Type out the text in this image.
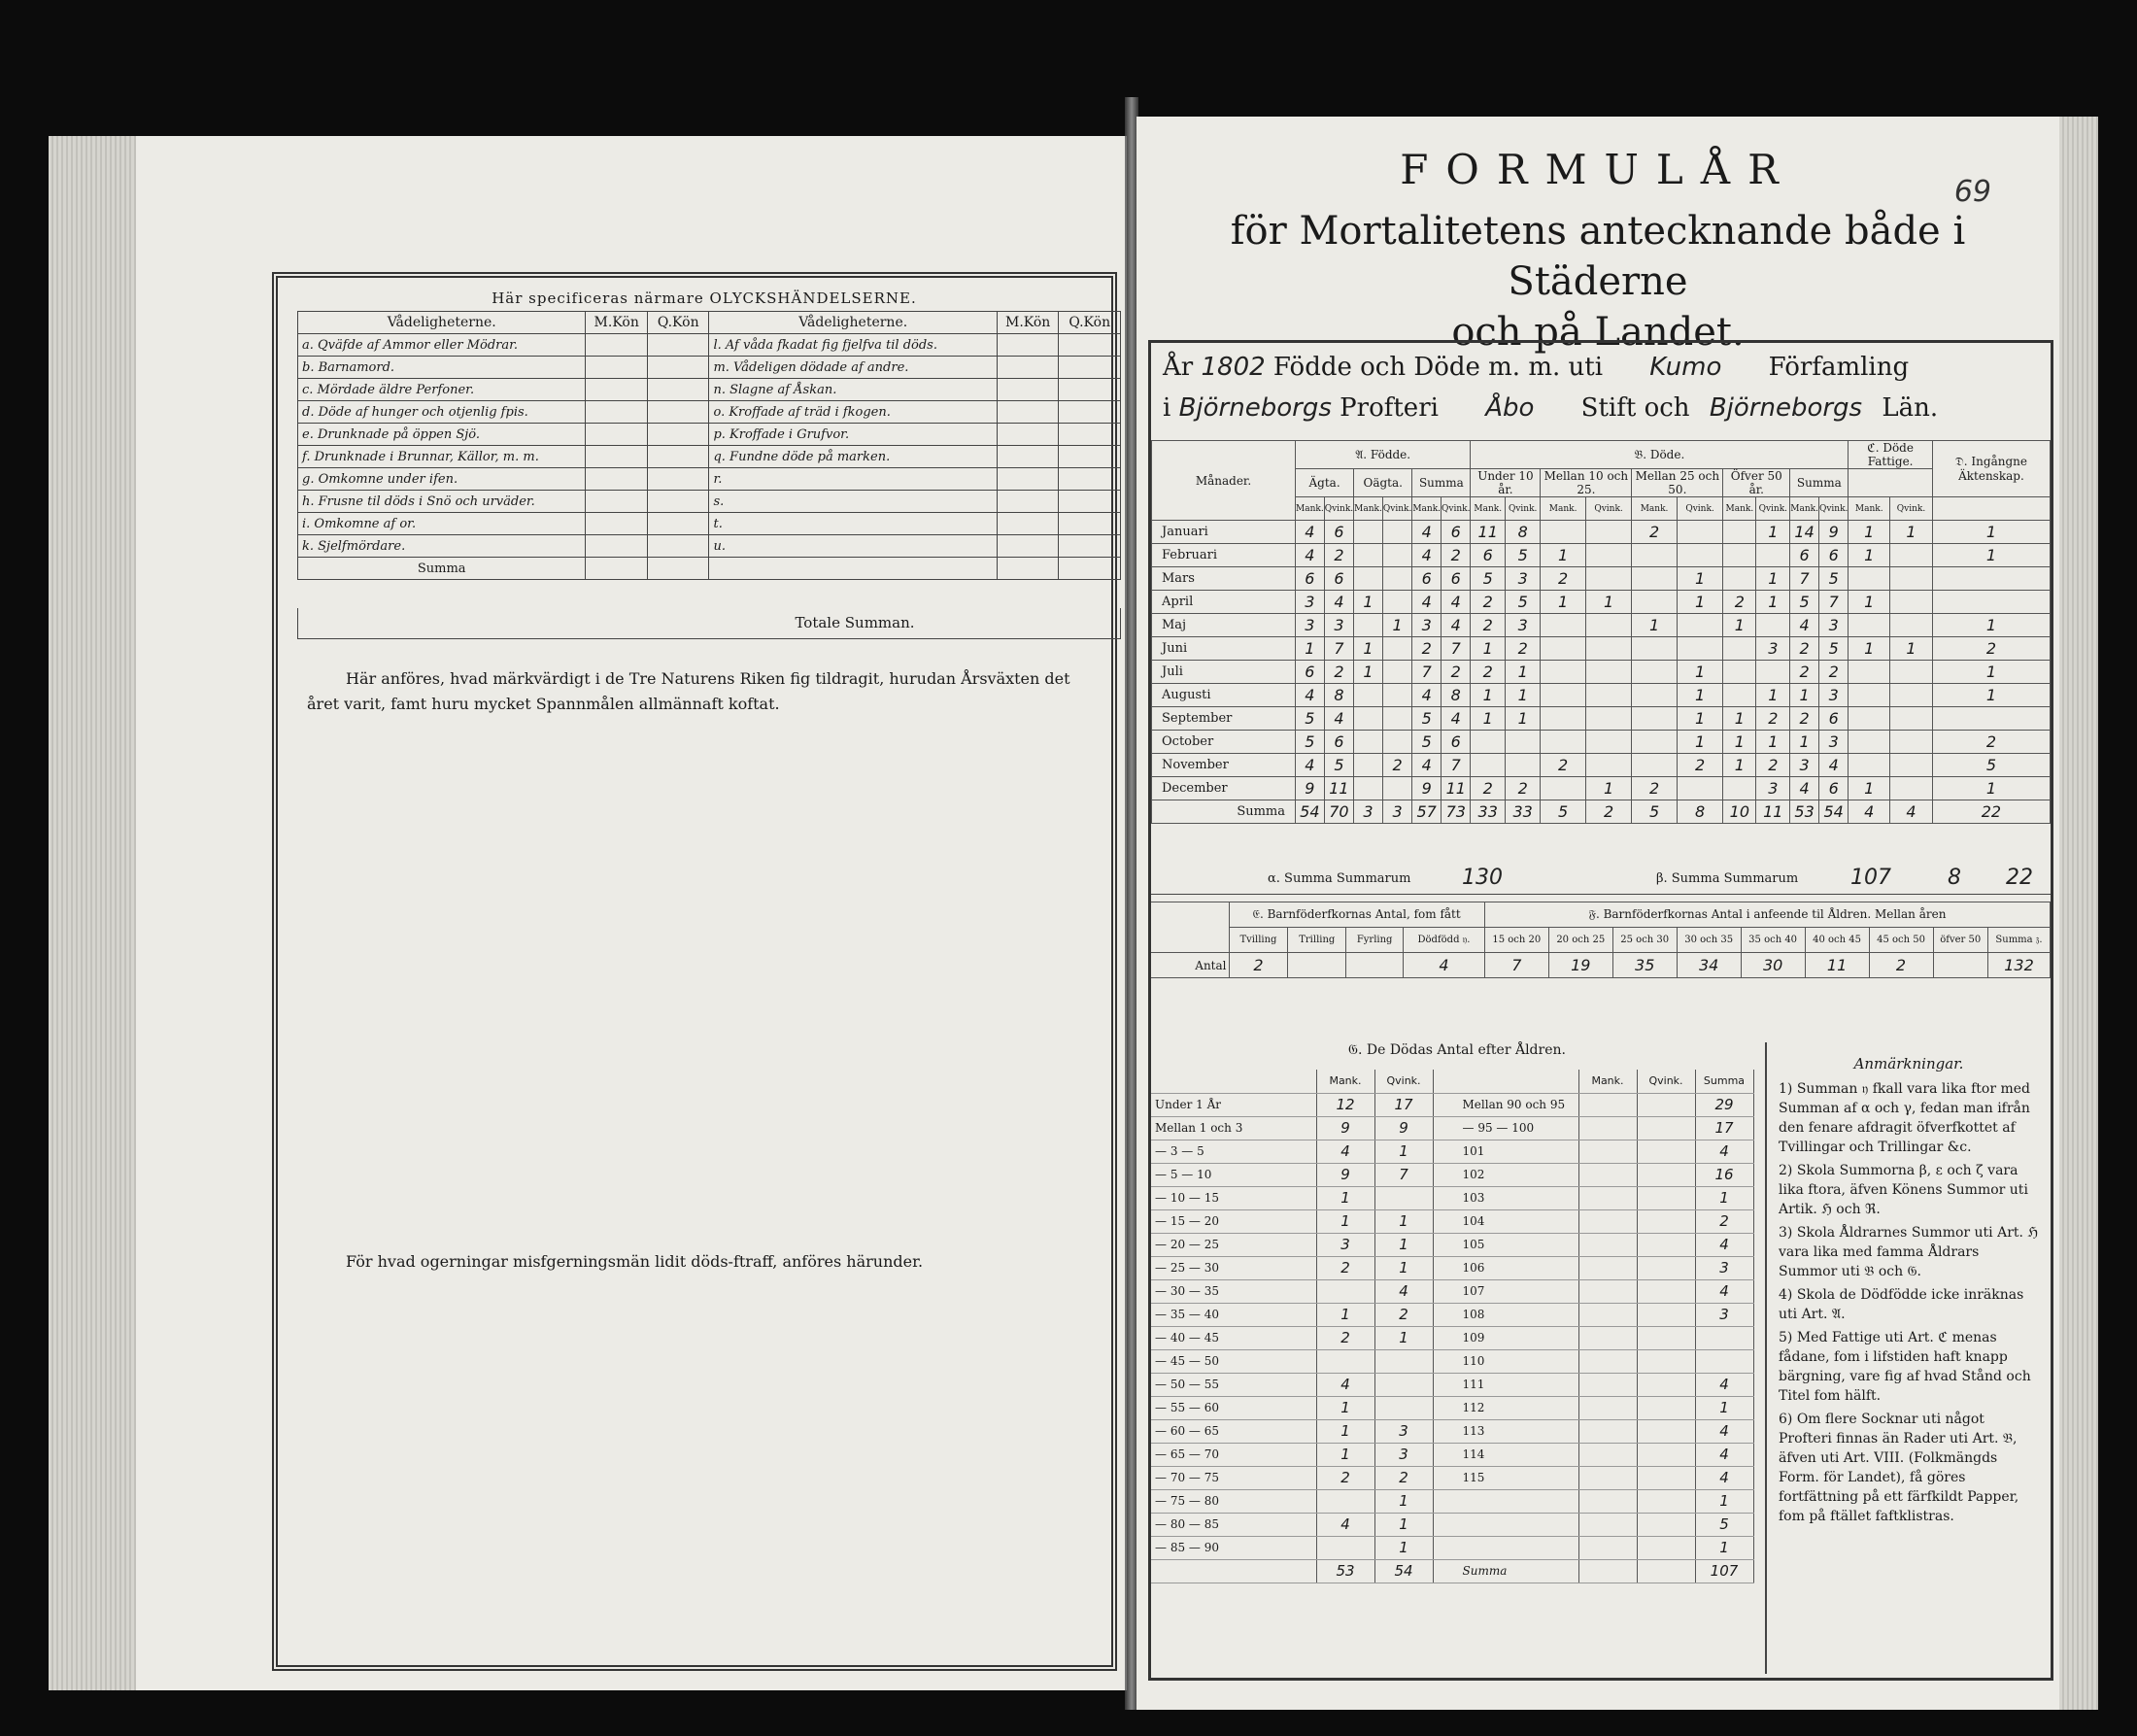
Här specificeras närmare OLYCKSHÄNDELSERNE.
Vådeligheterne.	M.Kön	Q.Kön	Vådeligheterne.	M.Kön	Q.Kön
a. Qväfde af Ammor eller Mödrar.			l. Af våda fkadat fig fjelfva til döds.		
b. Barnamord.			m. Vådeligen dödade af andre.		
c. Mördade äldre Perfoner.			n. Slagne af Åskan.		
d. Döde af hunger och otjenlig fpis.			o. Kroffade af träd i fkogen.		
e. Drunknade på öppen Sjö.			p. Kroffade i Grufvor.		
f. Drunknade i Brunnar, Källor, m. m.			q. Fundne döde på marken.		
g. Omkomne under ifen.			r.		
h. Frusne til döds i Snö och urväder.			s.		
i. Omkomne af or.			t.		
k. Sjelfmördare.			u.		
Summa					
Totale Summan.
Här anföres, hvad märkvärdigt i de Tre Naturens Riken fig tildragit, hurudan Årsväxten det året varit, famt huru mycket Spannmålen allmännaft koftat.
För hvad ogerningar misfgerningsmän lidit döds-ftraff, anföres härunder.
FORMULÅR	69
för Mortalitetens antecknande både i Städerne
och på Landet.
År 1802 Födde och Döde m. m. uti Kumo Förfamling
i Björneborgs Profteri Åbo Stift och Björneborgs Län.
Månader.	𝔄. Födde.						𝔅. Döde.										ℭ. Döde Fattige.		𝔇. Ingångne Äktenskap.
	Ägta.		Oägta.		Summa		Under 10 år.		Mellan 10 och 25.		Mellan 25 och 50.		Öfver 50 år.		Summa				
	Mank.	Qvink.	Mank.	Qvink.	Mank.	Qvink.	Mank.	Qvink.	Mank.	Qvink.	Mank.	Qvink.	Mank.	Qvink.	Mank.	Qvink.	Mank.	Qvink.	
Januari	4	6			4	6	11	8			2			1	14	9	1	1	1
Februari	4	2			4	2	6	5	1						6	6	1		1
Mars	6	6			6	6	5	3	2			1		1	7	5			
April	3	4	1		4	4	2	5	1	1		1	2	1	5	7	1		
Maj	3	3		1	3	4	2	3			1		1		4	3			1
Juni	1	7	1		2	7	1	2						3	2	5	1	1	2
Juli	6	2	1		7	2	2	1				1			2	2			1
Augusti	4	8			4	8	1	1				1		1	1	3			1
September	5	4			5	4	1	1				1	1	2	2	6			
October	5	6			5	6						1	1	1	1	3			2
November	4	5		2	4	7			2			2	1	2	3	4			5
December	9	11			9	11	2	2		1	2			3	4	6	1		1
Summa	54	70	3	3	57	73	33	33	5	2	5	8	10	11	53	54	4	4	22
α. Summa Summarum 130	β. Summa Summarum 107	8 22
	𝔈. Barnföderfkornas Antal, fom fått				𝔉. Barnföderfkornas Antal i anfeende til Åldren. Mellan åren								
	Tvilling	Trilling	Fyrling	Dödfödd 𝔶.	15 och 20	20 och 25	25 och 30	30 och 35	35 och 40	40 och 45	45 och 50	öfver 50	Summa 𝔷.
Antal	2			4	7	19	35	34	30	11	2		132
𝔊. De Dödas Antal efter Åldren.
	Mank.	Qvink.		Mank.	Qvink.	Summa
Under 1 År	12	17	Mellan 90 och 95			29
Mellan 1 och 3	9	9	— 95 — 100			17
— 3 — 5	4	1	101			4
— 5 — 10	9	7	102			16
— 10 — 15	1		103			1
— 15 — 20	1	1	104			2
— 20 — 25	3	1	105			4
— 25 — 30	2	1	106			3
— 30 — 35		4	107			4
— 35 — 40	1	2	108			3
— 40 — 45	2	1	109			
— 45 — 50			110			
— 50 — 55	4		111			4
— 55 — 60	1		112			1
— 60 — 65	1	3	113			4
— 65 — 70	1	3	114			4
— 70 — 75	2	2	115			4
— 75 — 80		1				1
— 80 — 85	4	1				5
— 85 — 90		1				1
	53	54	Summa			107
Anmärkningar.
1) Summan 𝔶 fkall vara lika ftor med Summan af α och γ, fedan man ifrån den fenare afdragit öfverfkottet af Tvillingar och Trillingar &c.
2) Skola Summorna β, ε och ζ vara lika ftora, äfven Könens Summor uti Artik. ℌ och ℜ.
3) Skola Åldrarnes Summor uti Art. ℌ vara lika med famma Åldrars Summor uti 𝔅 och 𝔊.
4) Skola de Dödfödde icke inräknas uti Art. 𝔄.
5) Med Fattige uti Art. ℭ menas fådane, fom i lifstiden haft knapp bärgning, vare fig af hvad Stånd och Titel fom hälft.
6) Om flere Socknar uti något Profteri finnas än Rader uti Art. 𝔅, äfven uti Art. VIII. (Folkmängds Form. för Landet), få göres fortfättning på ett färfkildt Papper, fom på ftället faftklistras.
